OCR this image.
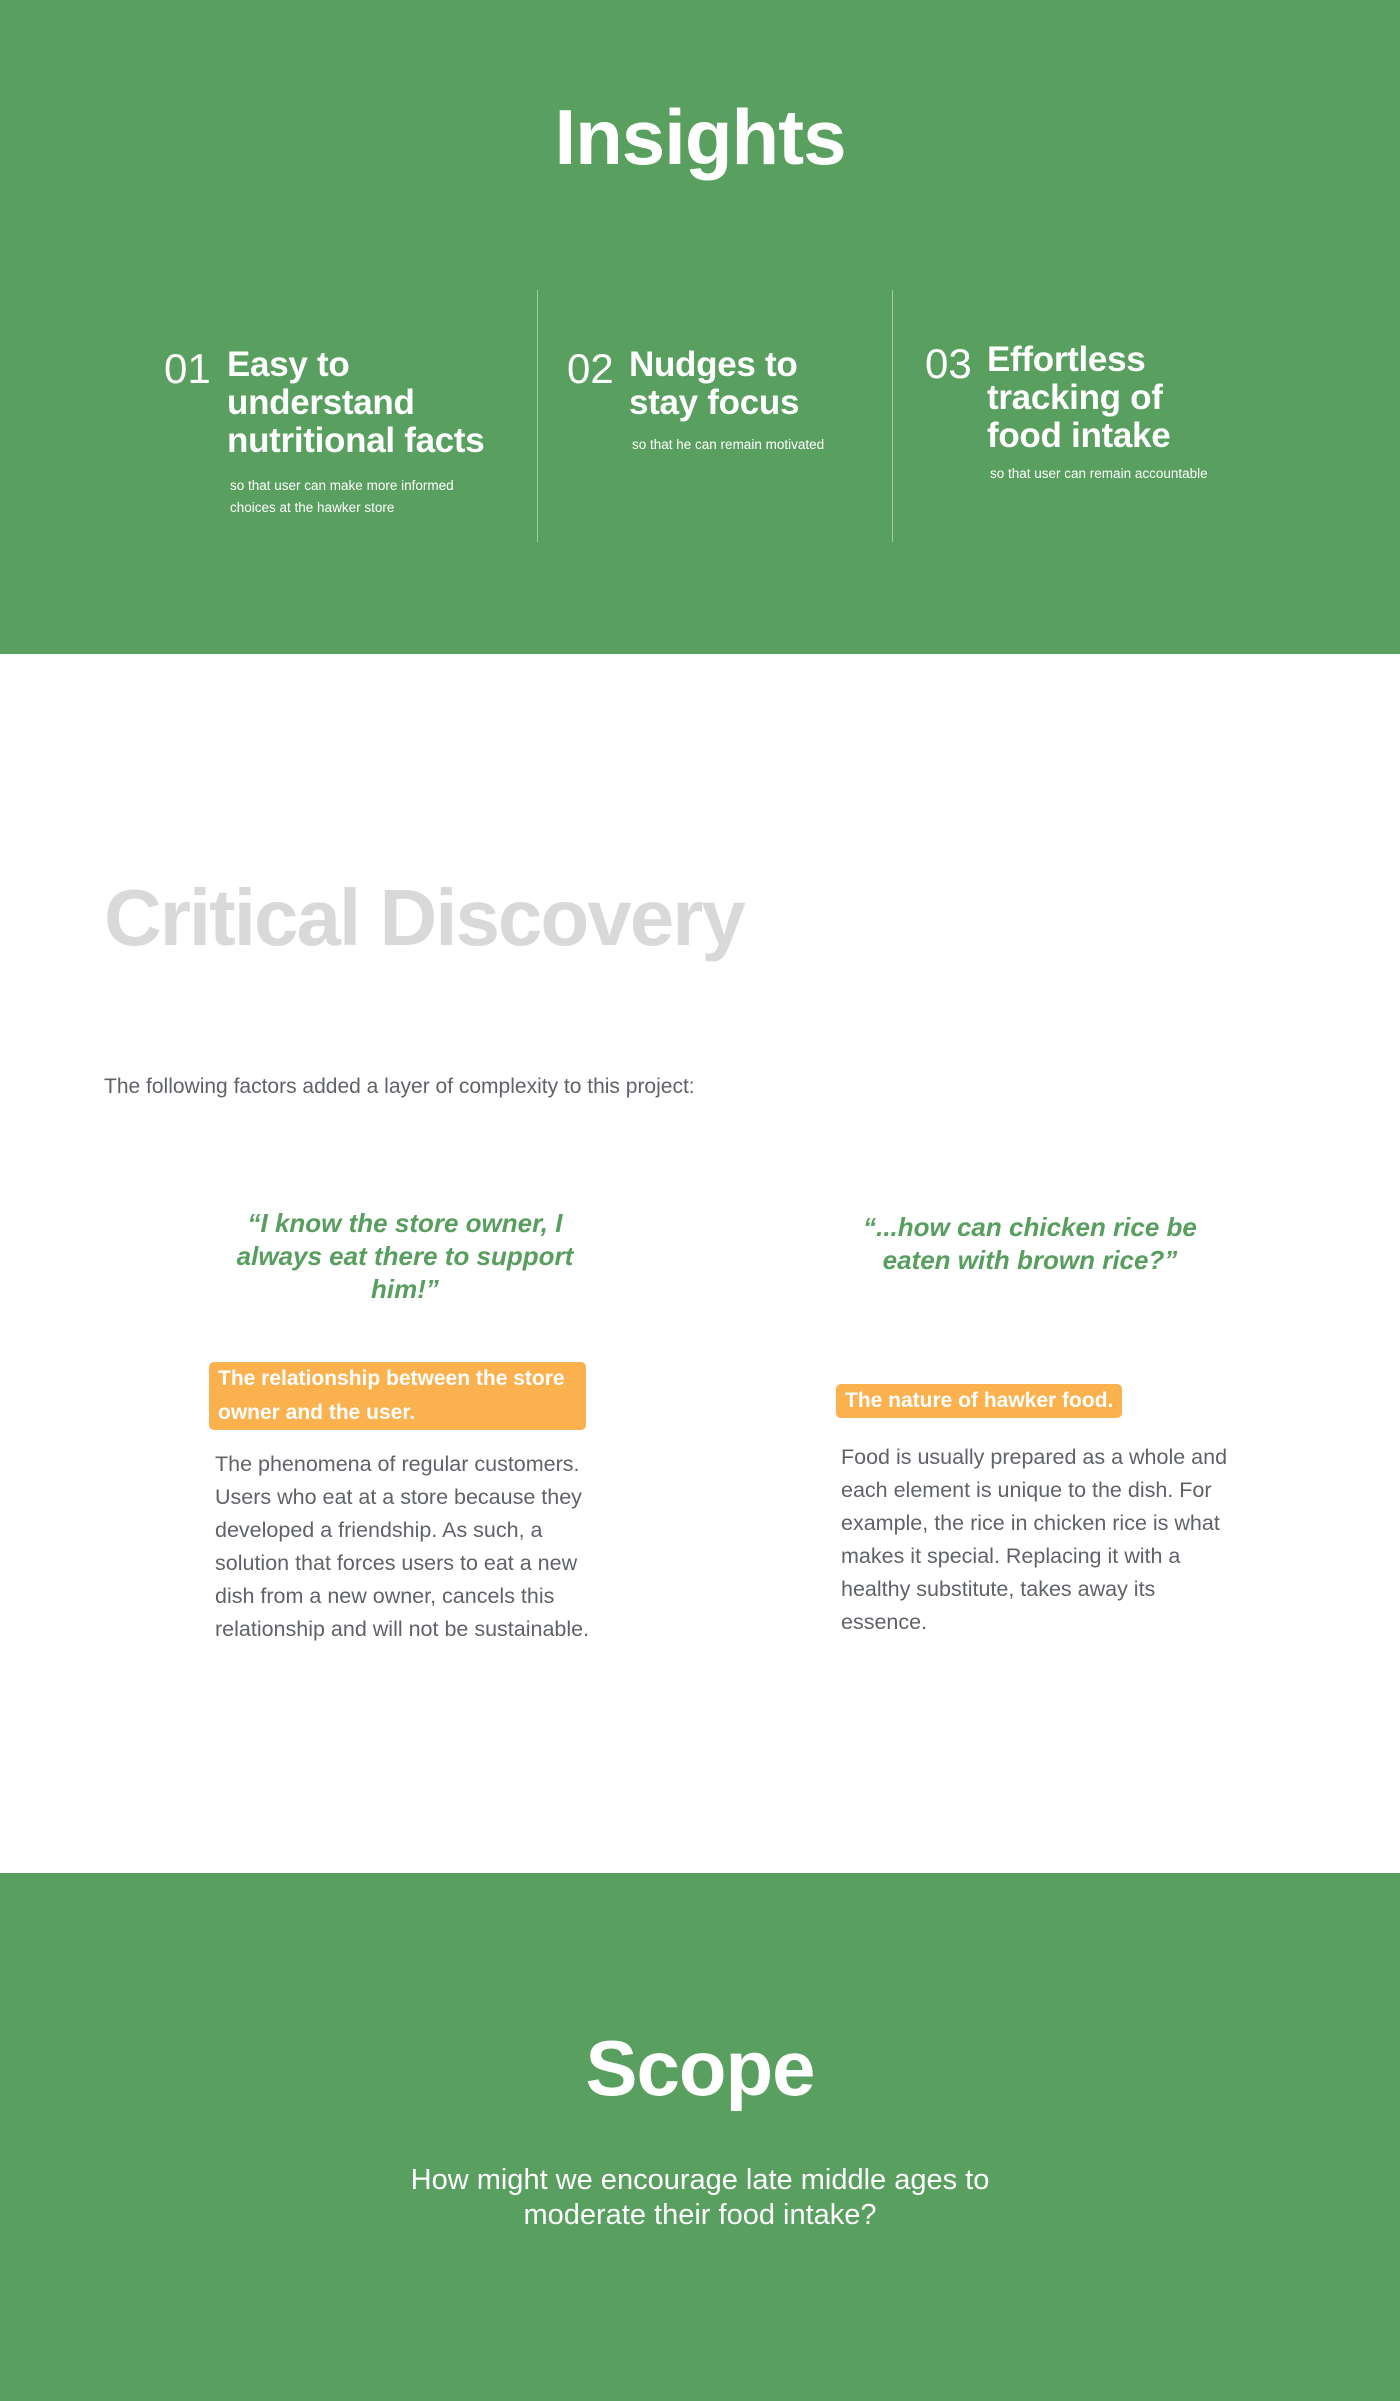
Insights
01 Easy to
understand
nutritional facts
so that user can make more informed
choices at the hawker store
02 Nudges to
stay focus
so that he can remain motivated
03 Effortless
tracking of
food intake
so that user can remain accountable
Critical Discovery

The following factors added a layer of complexity to this project:

“I know the store owner, I
always eat there to support
him!”
The relationship between the store
owner and the user.
The phenomena of regular customers.
Users who eat at a store because they
developed a friendship. As such, a
solution that forces users to eat a new
dish from a new owner, cancels this
relationship and will not be sustainable.
“...how can chicken rice be
eaten with brown rice?”
The nature of hawker food.
Food is usually prepared as a whole and
each element is unique to the dish. For
example, the rice in chicken rice is what
makes it special. Replacing it with a
healthy substitute, takes away its
essence.
Scope
How might we encourage late middle ages to
moderate their food intake?
